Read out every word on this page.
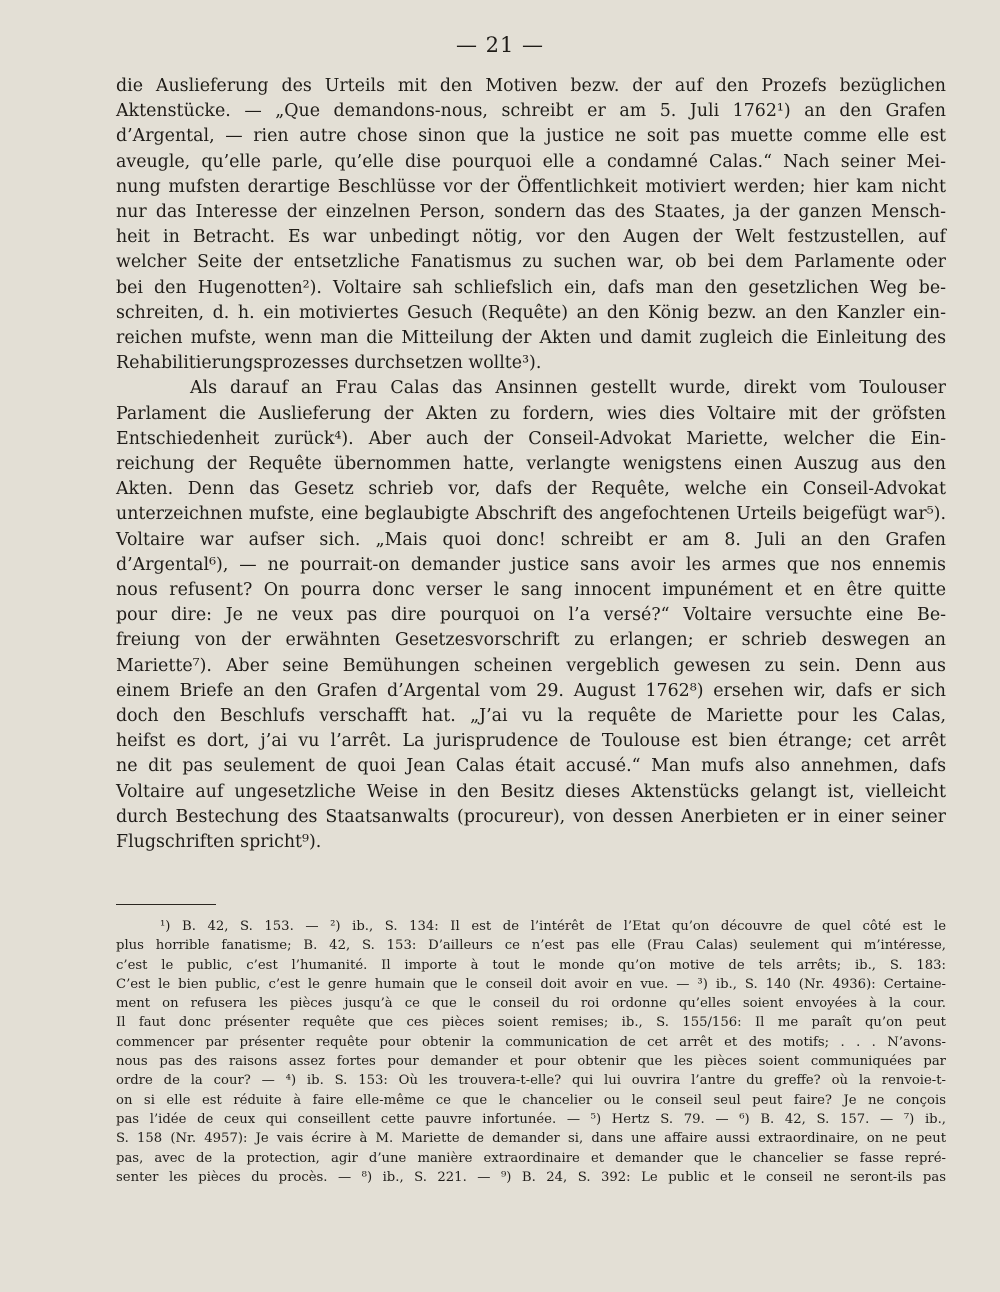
— 21 —
die Auslieferung des Urteils mit den Motiven bezw. der auf den Prozefs bezüglichen
Aktenstücke. — „Que demandons-nous, schreibt er am 5. Juli 1762¹) an den Grafen
d’Argental, — rien autre chose sinon que la justice ne soit pas muette comme elle est
aveugle, qu’elle parle, qu’elle dise pourquoi elle a condamné Calas.“ Nach seiner Mei-
nung mufsten derartige Beschlüsse vor der Öffentlichkeit motiviert werden; hier kam nicht
nur das Interesse der einzelnen Person, sondern das des Staates, ja der ganzen Mensch-
heit in Betracht. Es war unbedingt nötig, vor den Augen der Welt festzustellen, auf
welcher Seite der entsetzliche Fanatismus zu suchen war, ob bei dem Parlamente oder
bei den Hugenotten²). Voltaire sah schliefslich ein, dafs man den gesetzlichen Weg be-
schreiten, d. h. ein motiviertes Gesuch (Requête) an den König bezw. an den Kanzler ein-
reichen mufste, wenn man die Mitteilung der Akten und damit zugleich die Einleitung des
Rehabilitierungsprozesses durchsetzen wollte³).
Als darauf an Frau Calas das Ansinnen gestellt wurde, direkt vom Toulouser
Parlament die Auslieferung der Akten zu fordern, wies dies Voltaire mit der gröfsten
Entschiedenheit zurück⁴). Aber auch der Conseil-Advokat Mariette, welcher die Ein-
reichung der Requête übernommen hatte, verlangte wenigstens einen Auszug aus den
Akten. Denn das Gesetz schrieb vor, dafs der Requête, welche ein Conseil-Advokat
unterzeichnen mufste, eine beglaubigte Abschrift des angefochtenen Urteils beigefügt war⁵).
Voltaire war aufser sich. „Mais quoi donc! schreibt er am 8. Juli an den Grafen
d’Argental⁶), — ne pourrait-on demander justice sans avoir les armes que nos ennemis
nous refusent? On pourra donc verser le sang innocent impunément et en être quitte
pour dire: Je ne veux pas dire pourquoi on l’a versé?“ Voltaire versuchte eine Be-
freiung von der erwähnten Gesetzesvorschrift zu erlangen; er schrieb deswegen an
Mariette⁷). Aber seine Bemühungen scheinen vergeblich gewesen zu sein. Denn aus
einem Briefe an den Grafen d’Argental vom 29. August 1762⁸) ersehen wir, dafs er sich
doch den Beschlufs verschafft hat. „J’ai vu la requête de Mariette pour les Calas,
heifst es dort, j’ai vu l’arrêt. La jurisprudence de Toulouse est bien étrange; cet arrêt
ne dit pas seulement de quoi Jean Calas était accusé.“ Man mufs also annehmen, dafs
Voltaire auf ungesetzliche Weise in den Besitz dieses Aktenstücks gelangt ist, vielleicht
durch Bestechung des Staatsanwalts (procureur), von dessen Anerbieten er in einer seiner
Flugschriften spricht⁹).
¹) B. 42, S. 153. — ²) ib., S. 134: Il est de l’intérêt de l’Etat qu’on découvre de quel côté est le
plus horrible fanatisme; B. 42, S. 153: D’ailleurs ce n’est pas elle (Frau Calas) seulement qui m’intéresse,
c’est le public, c’est l’humanité. Il importe à tout le monde qu’on motive de tels arrêts; ib., S. 183:
C’est le bien public, c’est le genre humain que le conseil doit avoir en vue. — ³) ib., S. 140 (Nr. 4936): Certaine-
ment on refusera les pièces jusqu’à ce que le conseil du roi ordonne qu’elles soient envoyées à la cour.
Il faut donc présenter requête que ces pièces soient remises; ib., S. 155/156: Il me paraît qu’on peut
commencer par présenter requête pour obtenir la communication de cet arrêt et des motifs; . . . N’avons-
nous pas des raisons assez fortes pour demander et pour obtenir que les pièces soient communiquées par
ordre de la cour? — ⁴) ib. S. 153: Où les trouvera-t-elle? qui lui ouvrira l’antre du greffe? où la renvoie-t-
on si elle est réduite à faire elle-même ce que le chancelier ou le conseil seul peut faire? Je ne conçois
pas l’idée de ceux qui conseillent cette pauvre infortunée. — ⁵) Hertz S. 79. — ⁶) B. 42, S. 157. — ⁷) ib.,
S. 158 (Nr. 4957): Je vais écrire à M. Mariette de demander si, dans une affaire aussi extraordinaire, on ne peut
pas, avec de la protection, agir d’une manière extraordinaire et demander que le chancelier se fasse repré-
senter les pièces du procès. — ⁸) ib., S. 221. — ⁹) B. 24, S. 392: Le public et le conseil ne seront-ils pas
